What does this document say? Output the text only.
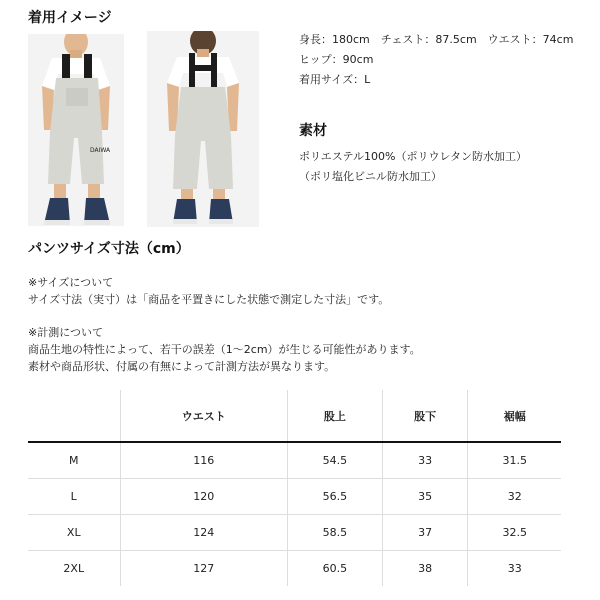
着用イメージ
DAIWA
身長：180cm　チェスト：87.5cm　ウエスト：74cm
ヒップ：90cm
着用サイズ：L
素材
ポリエステル100%（ポリウレタン防水加工）
（ポリ塩化ビニル防水加工）
パンツサイズ寸法（cm）
※サイズについて
サイズ寸法（実寸）は「商品を平置きにした状態で測定した寸法」です。
※計測について
商品生地の特性によって、若干の誤差（1〜2cm）が生じる可能性があります。
素材や商品形状、付属の有無によって計測方法が異なります。
	ウエスト	股上	股下	裾幅
M	116	54.5	33	31.5
L	120	56.5	35	32
XL	124	58.5	37	32.5
2XL	127	60.5	38	33
